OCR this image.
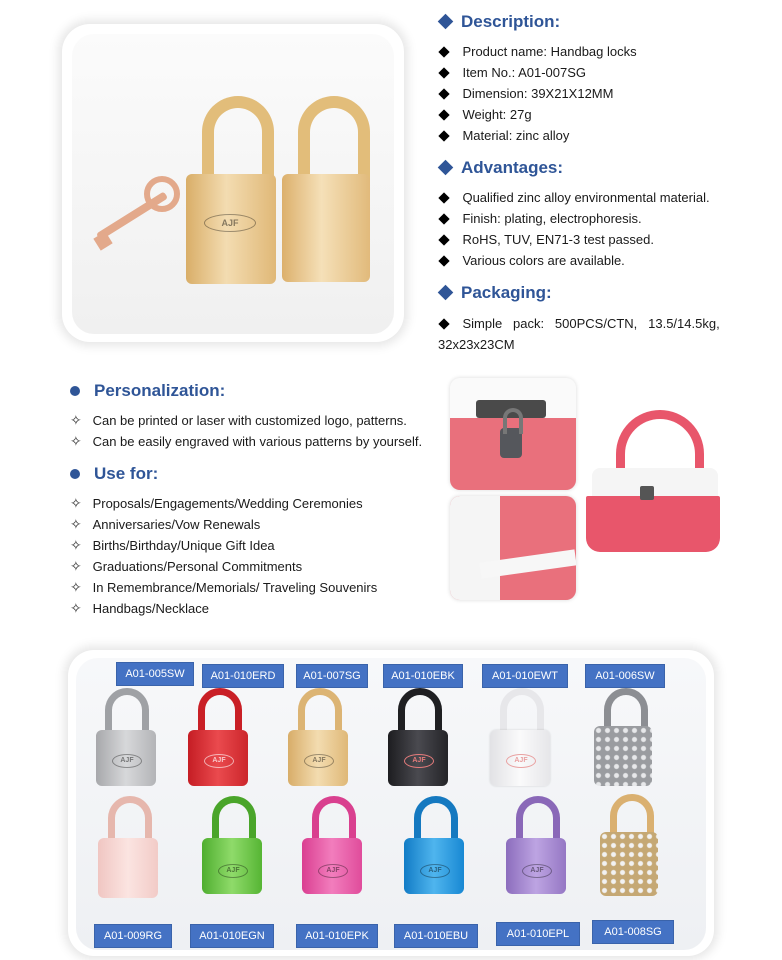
AJF
Description:
Product name: Handbag locks
Item No.: A01-007SG
Dimension: 39X21X12MM
Weight: 27g
Material: zinc alloy
Advantages:
Qualified zinc alloy environmental material.
Finish: plating, electrophoresis.
RoHS, TUV, EN71-3 test passed.
Various colors are available.
Packaging:
Simple   pack:   500PCS/CTN,   13.5/14.5kg,
32x23x23CM
Personalization:
✧ Can be printed or laser with customized logo, patterns.
✧ Can be easily engraved with various patterns by yourself.
Use for:
✧ Proposals/Engagements/Wedding Ceremonies
✧ Anniversaries/Vow Renewals
✧ Births/Birthday/Unique Gift Idea
✧ Graduations/Personal Commitments
✧ In Remembrance/Memorials/ Traveling Souvenirs
✧ Handbags/Necklace
AJF	AJF	AJF	AJF	AJF
AJF	AJF	AJF	AJF
A01-005SW	A01-010ERD	A01-007SG	A01-010EBK	A01-010EWT	A01-006SW
A01-009RG	A01-010EGN	A01-010EPK	A01-010EBU	A01-010EPL	A01-008SG
